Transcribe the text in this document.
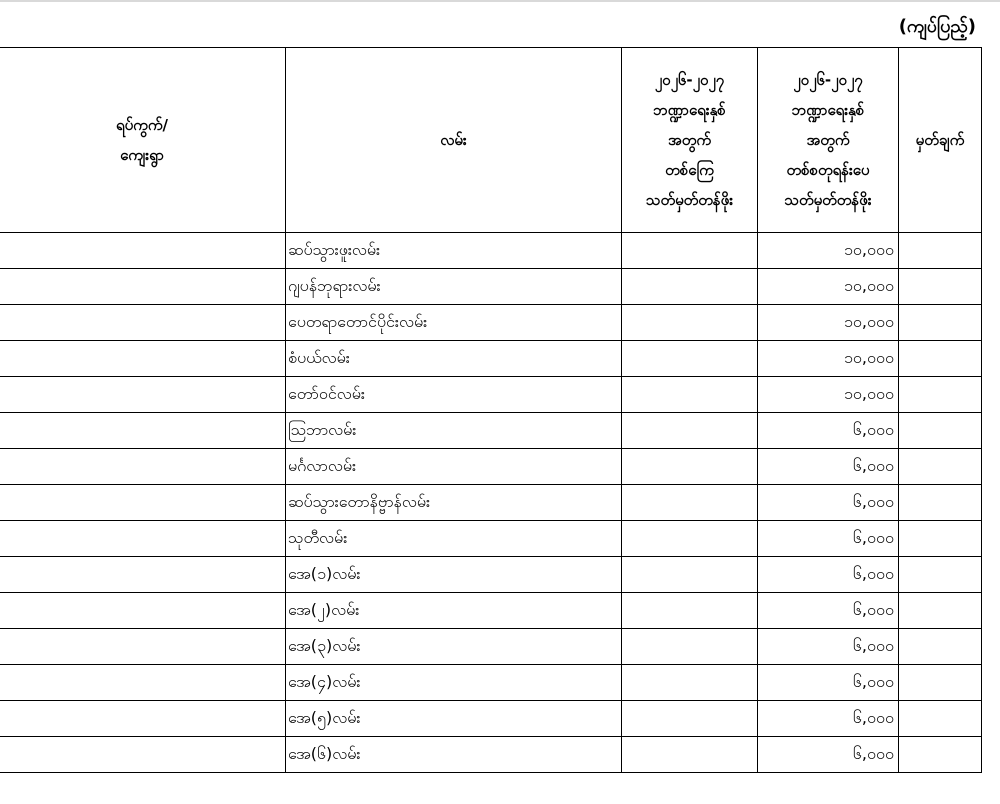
(ကျပ်ပြည့်)
ရပ်ကွက်/
ကျေးရွာ	လမ်း	၂၀၂၆-၂၀၂၇
ဘဏ္ဍာရေးနှစ်
အတွက်
တစ်ကြေ
သတ်မှတ်တန်ဖိုး	၂၀၂၆-၂၀၂၇
ဘဏ္ဍာရေးနှစ်
အတွက်
တစ်စတုရန်းပေ
သတ်မှတ်တန်ဖိုး	မှတ်ချက်

	ဆပ်သွားဖူးလမ်း		၁၀,၀၀၀	
	ဂျပန်ဘုရားလမ်း		၁၀,၀၀၀	
	ပေတရာတောင်ပိုင်းလမ်း		၁၀,၀၀၀	
	စံပယ်လမ်း		၁၀,၀၀၀	
	တော်ဝင်လမ်း		၁၀,၀၀၀	
	သြဘာလမ်း		၆,၀၀၀	
	မင်္ဂလာလမ်း		၆,၀၀၀	
	ဆပ်သွားတောနိဗ္ဗာန်လမ်း		၆,၀၀၀	
	သုတီလမ်း		၆,၀၀၀	
	အေ(၁)လမ်း		၆,၀၀၀	
	အေ(၂)လမ်း		၆,၀၀၀	
	အေ(၃)လမ်း		၆,၀၀၀	
	အေ(၄)လမ်း		၆,၀၀၀	
	အေ(၅)လမ်း		၆,၀၀၀	
	အေ(၆)လမ်း		၆,၀၀၀	
